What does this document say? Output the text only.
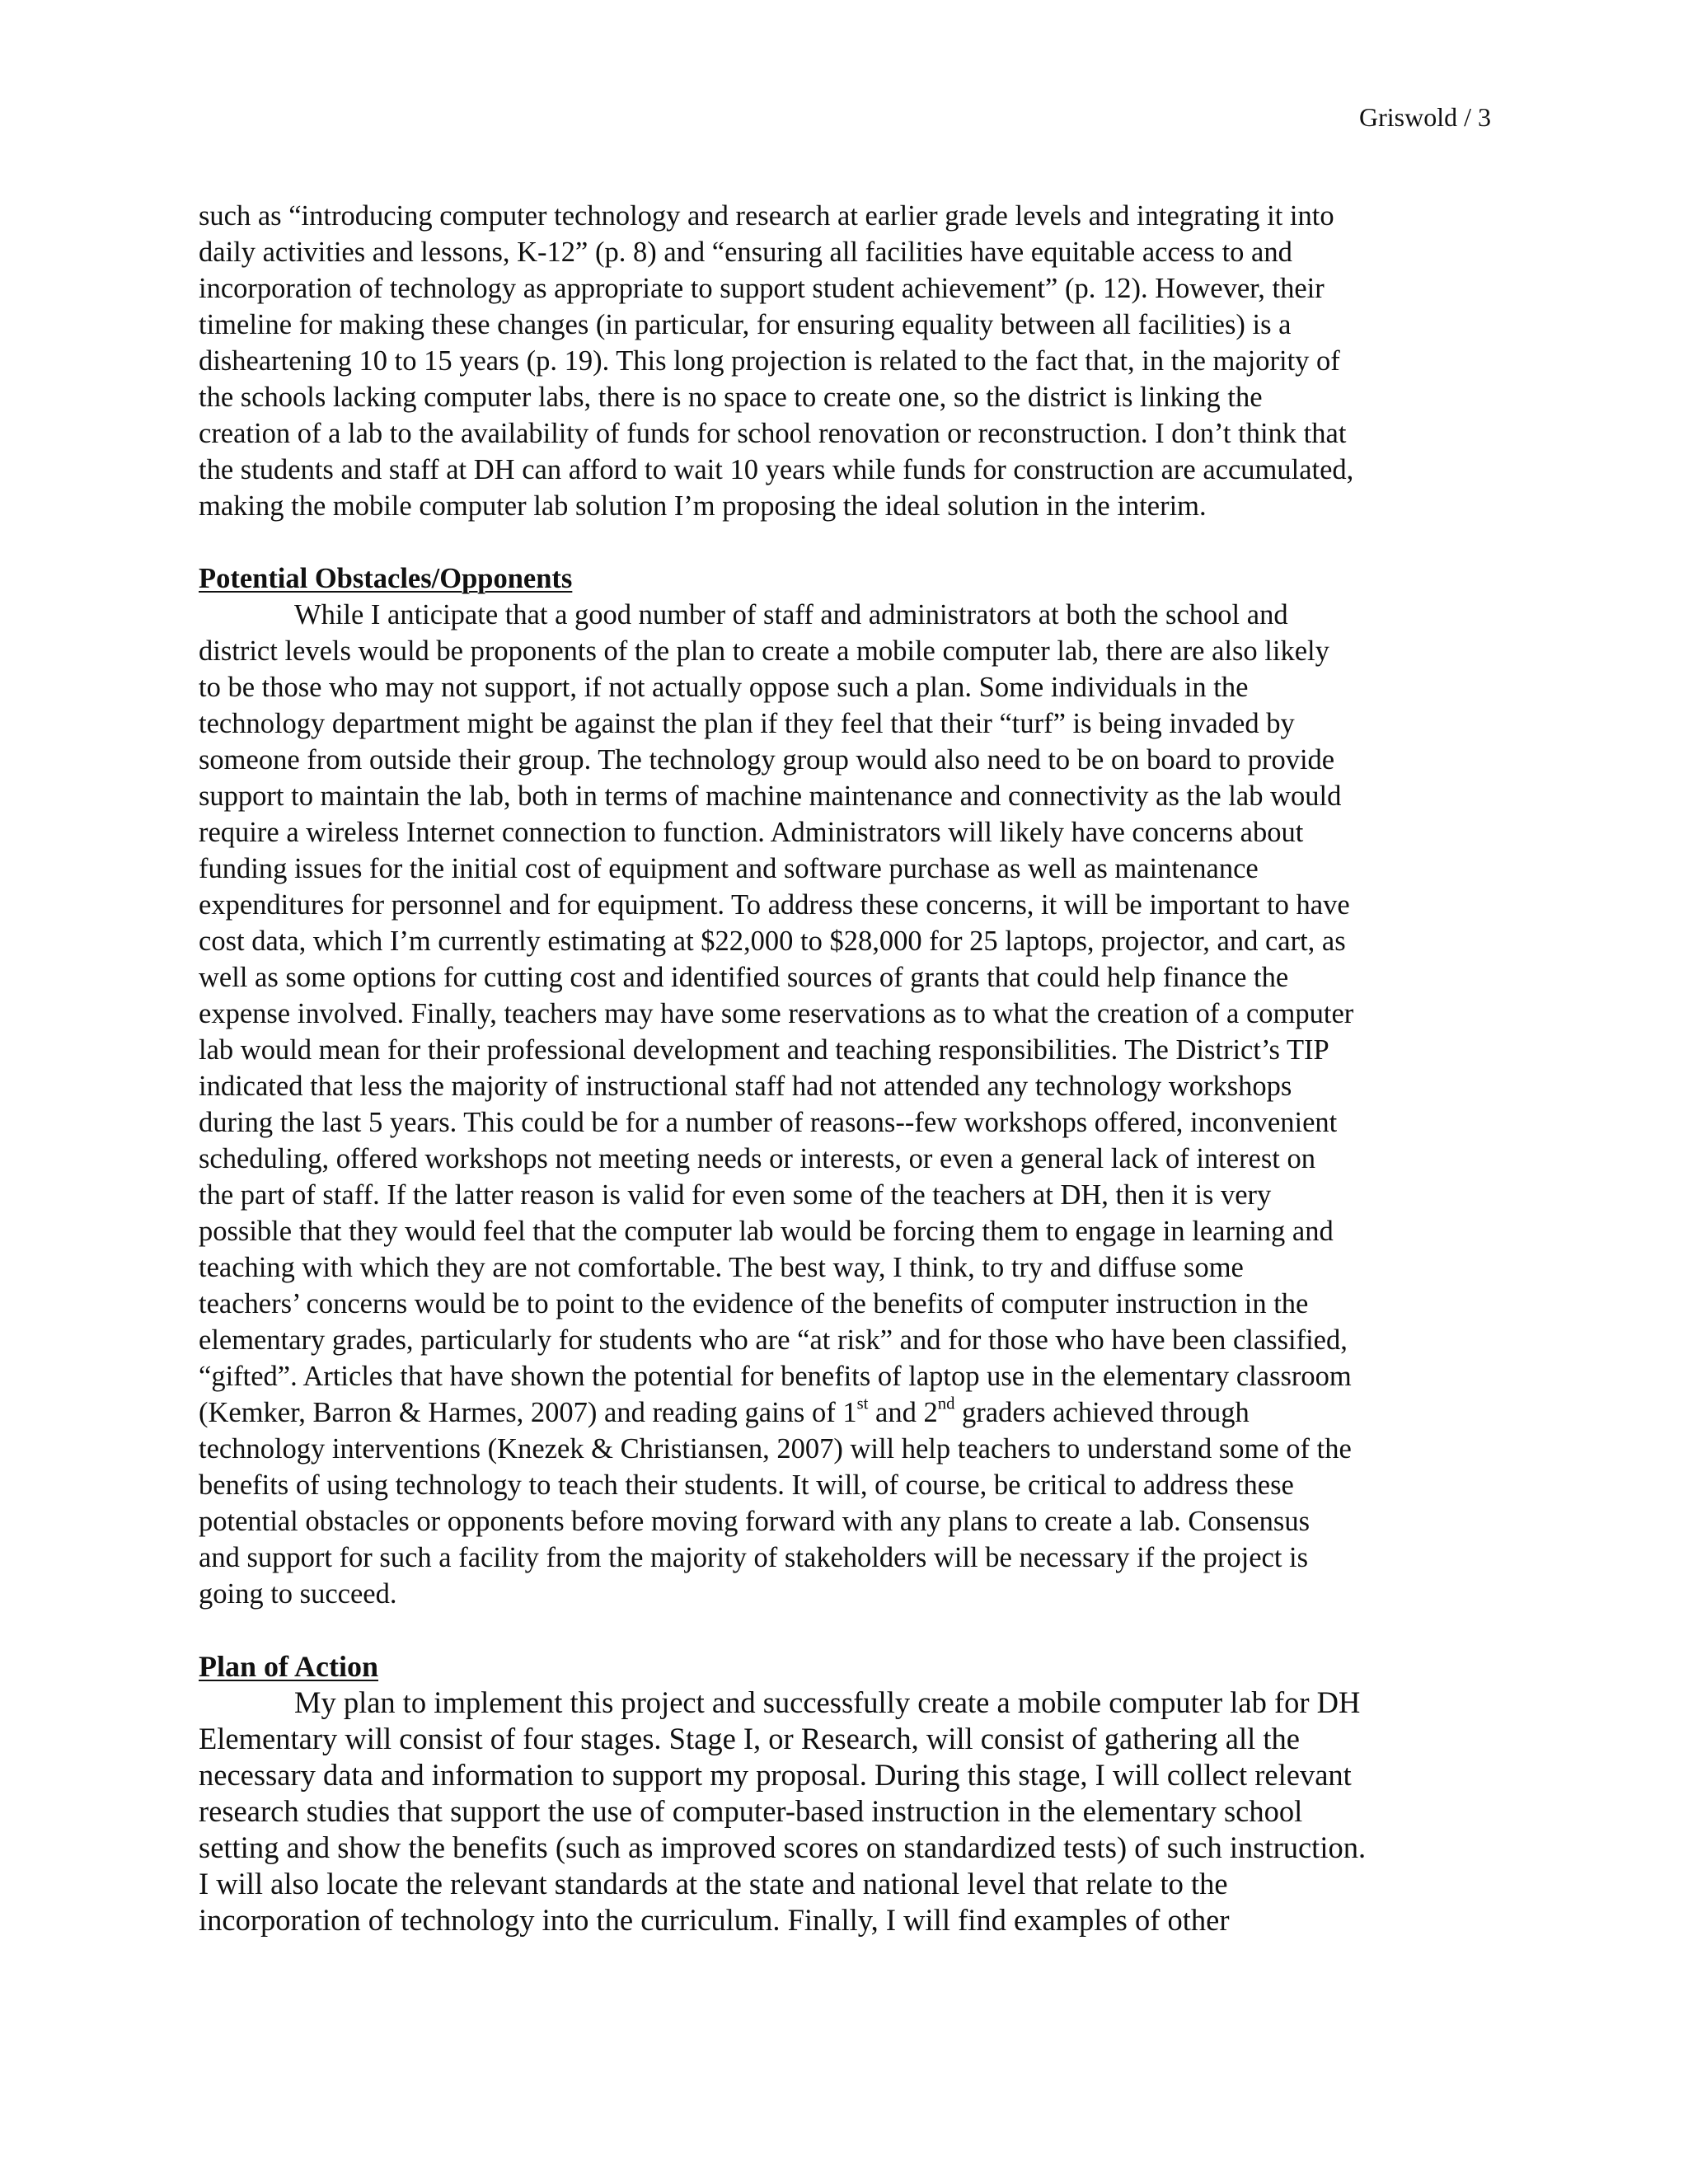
Griswold / 3
such as “introducing computer technology and research at earlier grade levels and integrating it into
daily activities and lessons, K-12” (p. 8) and “ensuring all facilities have equitable access to and
incorporation of technology as appropriate to support student achievement” (p. 12). However, their
timeline for making these changes (in particular, for ensuring equality between all facilities) is a
disheartening 10 to 15 years (p. 19). This long projection is related to the fact that, in the majority of
the schools lacking computer labs, there is no space to create one, so the district is linking the
creation of a lab to the availability of funds for school renovation or reconstruction. I don’t think that
the students and staff at DH can afford to wait 10 years while funds for construction are accumulated,
making the mobile computer lab solution I’m proposing the ideal solution in the interim.
Potential Obstacles/Opponents
While I anticipate that a good number of staff and administrators at both the school and
district levels would be proponents of the plan to create a mobile computer lab, there are also likely
to be those who may not support, if not actually oppose such a plan. Some individuals in the
technology department might be against the plan if they feel that their “turf” is being invaded by
someone from outside their group. The technology group would also need to be on board to provide
support to maintain the lab, both in terms of machine maintenance and connectivity as the lab would
require a wireless Internet connection to function. Administrators will likely have concerns about
funding issues for the initial cost of equipment and software purchase as well as maintenance
expenditures for personnel and for equipment. To address these concerns, it will be important to have
cost data, which I’m currently estimating at $22,000 to $28,000 for 25 laptops, projector, and cart, as
well as some options for cutting cost and identified sources of grants that could help finance the
expense involved. Finally, teachers may have some reservations as to what the creation of a computer
lab would mean for their professional development and teaching responsibilities. The District’s TIP
indicated that less the majority of instructional staff had not attended any technology workshops
during the last 5 years. This could be for a number of reasons--few workshops offered, inconvenient
scheduling, offered workshops not meeting needs or interests, or even a general lack of interest on
the part of staff. If the latter reason is valid for even some of the teachers at DH, then it is very
possible that they would feel that the computer lab would be forcing them to engage in learning and
teaching with which they are not comfortable. The best way, I think, to try and diffuse some
teachers’ concerns would be to point to the evidence of the benefits of computer instruction in the
elementary grades, particularly for students who are “at risk” and for those who have been classified,
“gifted”. Articles that have shown the potential for benefits of laptop use in the elementary classroom
(Kemker, Barron & Harmes, 2007) and reading gains of 1st and 2nd graders achieved through
technology interventions (Knezek & Christiansen, 2007) will help teachers to understand some of the
benefits of using technology to teach their students. It will, of course, be critical to address these
potential obstacles or opponents before moving forward with any plans to create a lab. Consensus
and support for such a facility from the majority of stakeholders will be necessary if the project is
going to succeed.
Plan of Action
My plan to implement this project and successfully create a mobile computer lab for DH
Elementary will consist of four stages. Stage I, or Research, will consist of gathering all the
necessary data and information to support my proposal. During this stage, I will collect relevant
research studies that support the use of computer-based instruction in the elementary school
setting and show the benefits (such as improved scores on standardized tests) of such instruction.
I will also locate the relevant standards at the state and national level that relate to the
incorporation of technology into the curriculum. Finally, I will find examples of other
